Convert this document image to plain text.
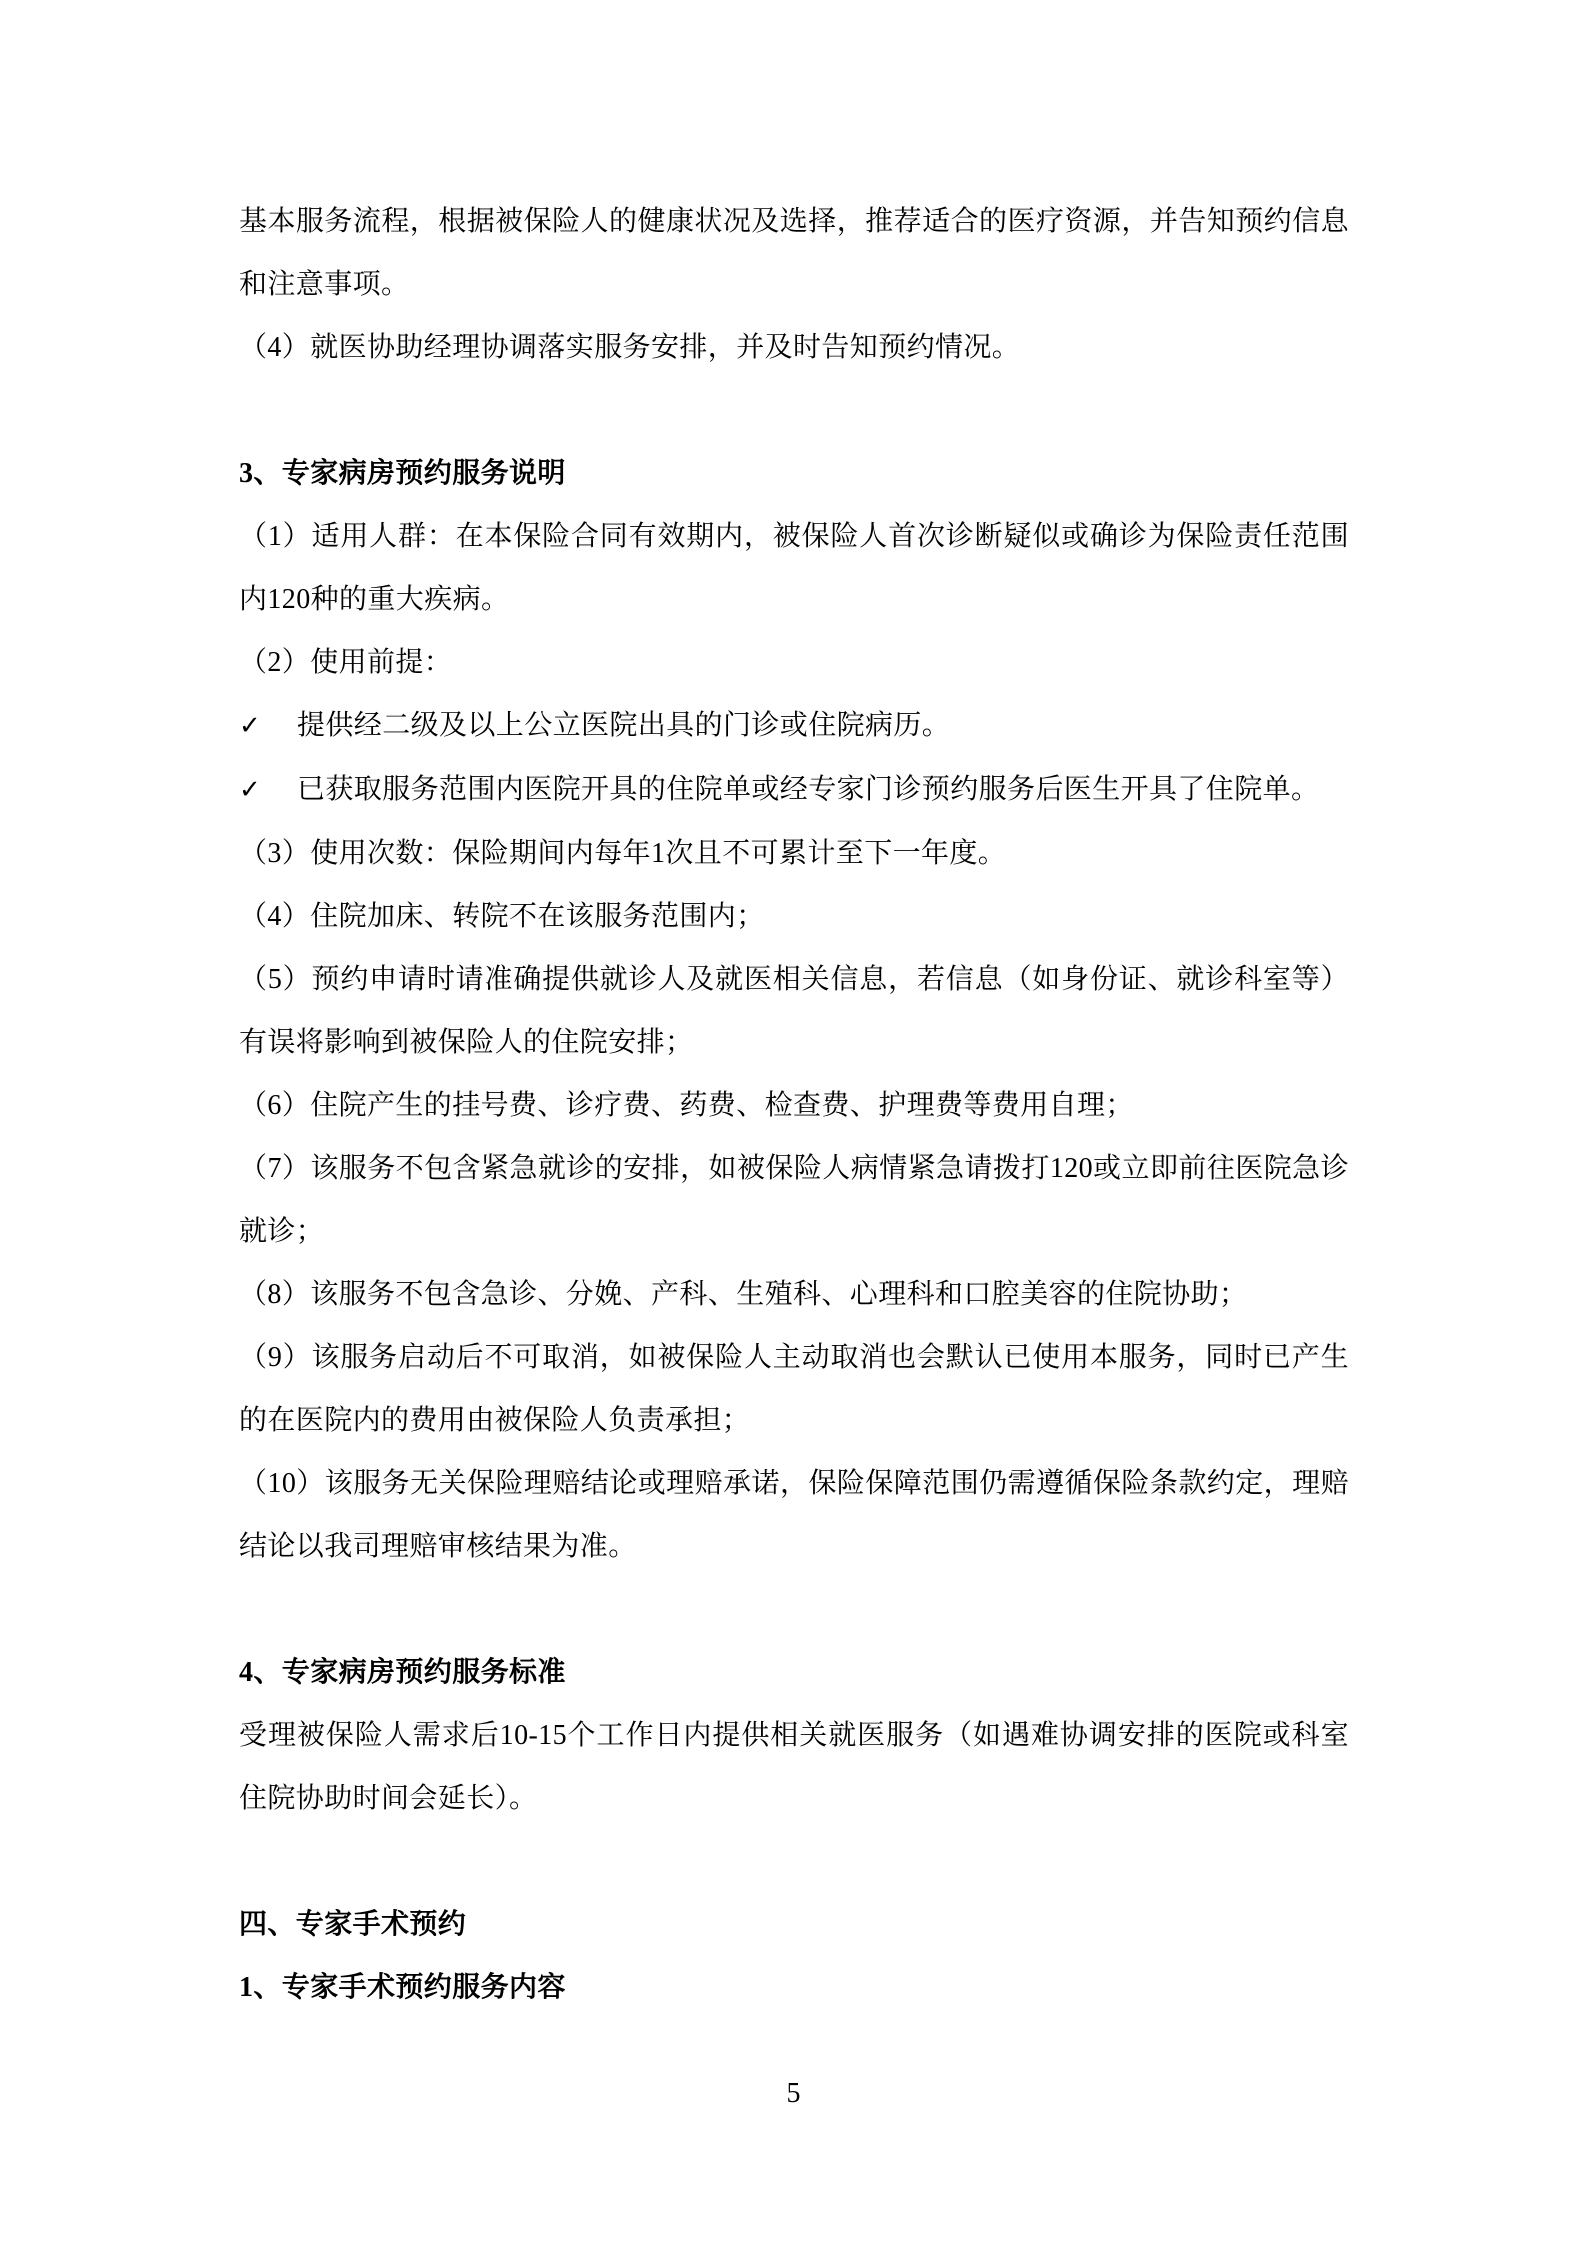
基本服务流程，根据被保险人的健康状况及选择，推荐适合的医疗资源，并告知预约信息和注意事项。

（4）就医协助经理协调落实服务安排，并及时告知预约情况。

3、专家病房预约服务说明

（1）适用人群：在本保险合同有效期内，被保险人首次诊断疑似或确诊为保险责任范围内120种的重大疾病。

（2）使用前提：

✓ 提供经二级及以上公立医院出具的门诊或住院病历。

✓ 已获取服务范围内医院开具的住院单或经专家门诊预约服务后医生开具了住院单。

（3）使用次数：保险期间内每年1次且不可累计至下一年度。

（4）住院加床、转院不在该服务范围内；

（5）预约申请时请准确提供就诊人及就医相关信息，若信息（如身份证、就诊科室等）有误将影响到被保险人的住院安排；

（6）住院产生的挂号费、诊疗费、药费、检查费、护理费等费用自理；

（7）该服务不包含紧急就诊的安排，如被保险人病情紧急请拨打120或立即前往医院急诊就诊；

（8）该服务不包含急诊、分娩、产科、生殖科、心理科和口腔美容的住院协助；

（9）该服务启动后不可取消，如被保险人主动取消也会默认已使用本服务，同时已产生的在医院内的费用由被保险人负责承担；

（10）该服务无关保险理赔结论或理赔承诺，保险保障范围仍需遵循保险条款约定，理赔结论以我司理赔审核结果为准。

4、专家病房预约服务标准

受理被保险人需求后10-15个工作日内提供相关就医服务（如遇难协调安排的医院或科室住院协助时间会延长）。

四、专家手术预约

1、专家手术预约服务内容

5
